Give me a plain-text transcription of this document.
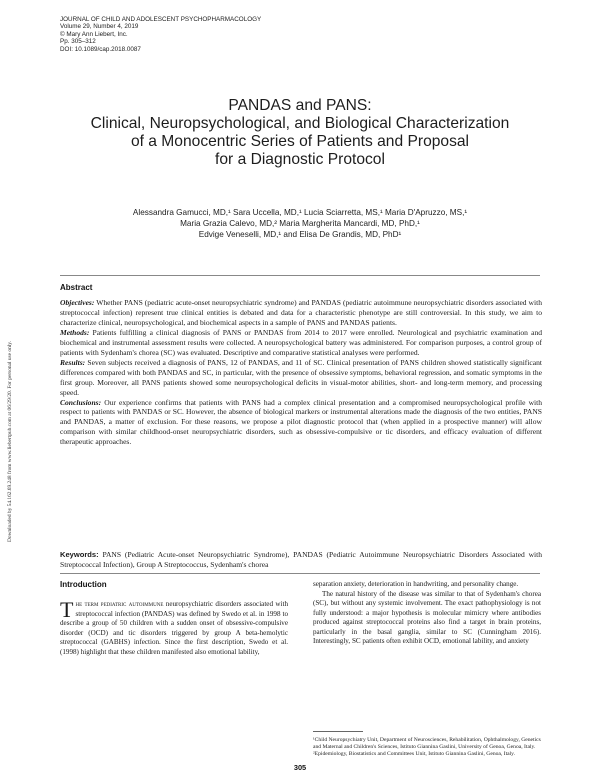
JOURNAL OF CHILD AND ADOLESCENT PSYCHOPHARMACOLOGY
Volume 29, Number 4, 2019
© Mary Ann Liebert, Inc.
Pp. 305–312
DOI: 10.1089/cap.2018.0087
PANDAS and PANS:
Clinical, Neuropsychological, and Biological Characterization
of a Monocentric Series of Patients and Proposal
for a Diagnostic Protocol
Alessandra Gamucci, MD,¹ Sara Uccella, MD,¹ Lucia Sciarretta, MS,¹ Maria D'Apruzzo, MS,¹
Maria Grazia Calevo, MD,² Maria Margherita Mancardi, MD, PhD,¹
Edvige Veneselli, MD,¹ and Elisa De Grandis, MD, PhD¹
Downloaded by 54.162.69.248 from www.liebertpub.com at 06/29/20. For personal use only.
Abstract

Objectives: Whether PANS (pediatric acute-onset neuropsychiatric syndrome) and PANDAS (pediatric autoimmune neuropsychiatric disorders associated with streptococcal infection) represent true clinical entities is debated and data for a characteristic phenotype are still controversial. In this study, we aim to characterize clinical, neuropsychological, and biochemical aspects in a sample of PANS and PANDAS patients.

Methods: Patients fulfilling a clinical diagnosis of PANS or PANDAS from 2014 to 2017 were enrolled. Neurological and psychiatric examination and biochemical and instrumental assessment results were collected. A neuropsychological battery was administered. For comparison purposes, a control group of patients with Sydenham's chorea (SC) was evaluated. Descriptive and comparative statistical analyses were performed.

Results: Seven subjects received a diagnosis of PANS, 12 of PANDAS, and 11 of SC. Clinical presentation of PANS children showed statistically significant differences compared with both PANDAS and SC, in particular, with the presence of obsessive symptoms, behavioral regression, and somatic symptoms in the first group. Moreover, all PANS patients showed some neuropsychological deficits in visual-motor abilities, short- and long-term memory, and processing speed.

Conclusions: Our experience confirms that patients with PANS had a complex clinical presentation and a compromised neuropsychological profile with respect to patients with PANDAS or SC. However, the absence of biological markers or instrumental alterations made the diagnosis of the two entities, PANS and PANDAS, a matter of exclusion. For these reasons, we propose a pilot diagnostic protocol that (when applied in a prospective manner) will allow comparison with similar childhood-onset neuropsychiatric disorders, such as obsessive-compulsive or tic disorders, and efficacy evaluation of different therapeutic approaches.

Keywords: PANS (Pediatric Acute-onset Neuropsychiatric Syndrome), PANDAS (Pediatric Autoimmune Neuropsychiatric Disorders Associated with Streptococcal Infection), Group A Streptococcus, Sydenham's chorea
Introduction

The term pediatric autoimmune neuropsychiatric disorders associated with streptococcal infection (PANDAS) was defined by Swedo et al. in 1998 to describe a group of 50 children with a sudden onset of obsessive-compulsive disorder (OCD) and tic disorders triggered by group A beta-hemolytic streptococcal (GABHS) infection. Since the first description, Swedo et al. (1998) highlight that these children manifested also emotional lability,

separation anxiety, deterioration in handwriting, and personality change.

The natural history of the disease was similar to that of Sydenham's chorea (SC), but without any systemic involvement. The exact pathophysiology is not fully understood: a major hypothesis is molecular mimicry where antibodies produced against streptococcal proteins also find a target in brain proteins, particularly in the basal ganglia, similar to SC (Cunningham 2016). Interestingly, SC patients often exhibit OCD, emotional lability, and anxiety

¹Child Neuropsychiatry Unit, Department of Neurosciences, Rehabilitation, Ophthalmology, Genetics and Maternal and Children's Sciences, Istituto Giannina Gaslini, University of Genoa, Genoa, Italy.

²Epidemiology, Biostatistics and Committees Unit, Istituto Giannina Gaslini, Genoa, Italy.

305
